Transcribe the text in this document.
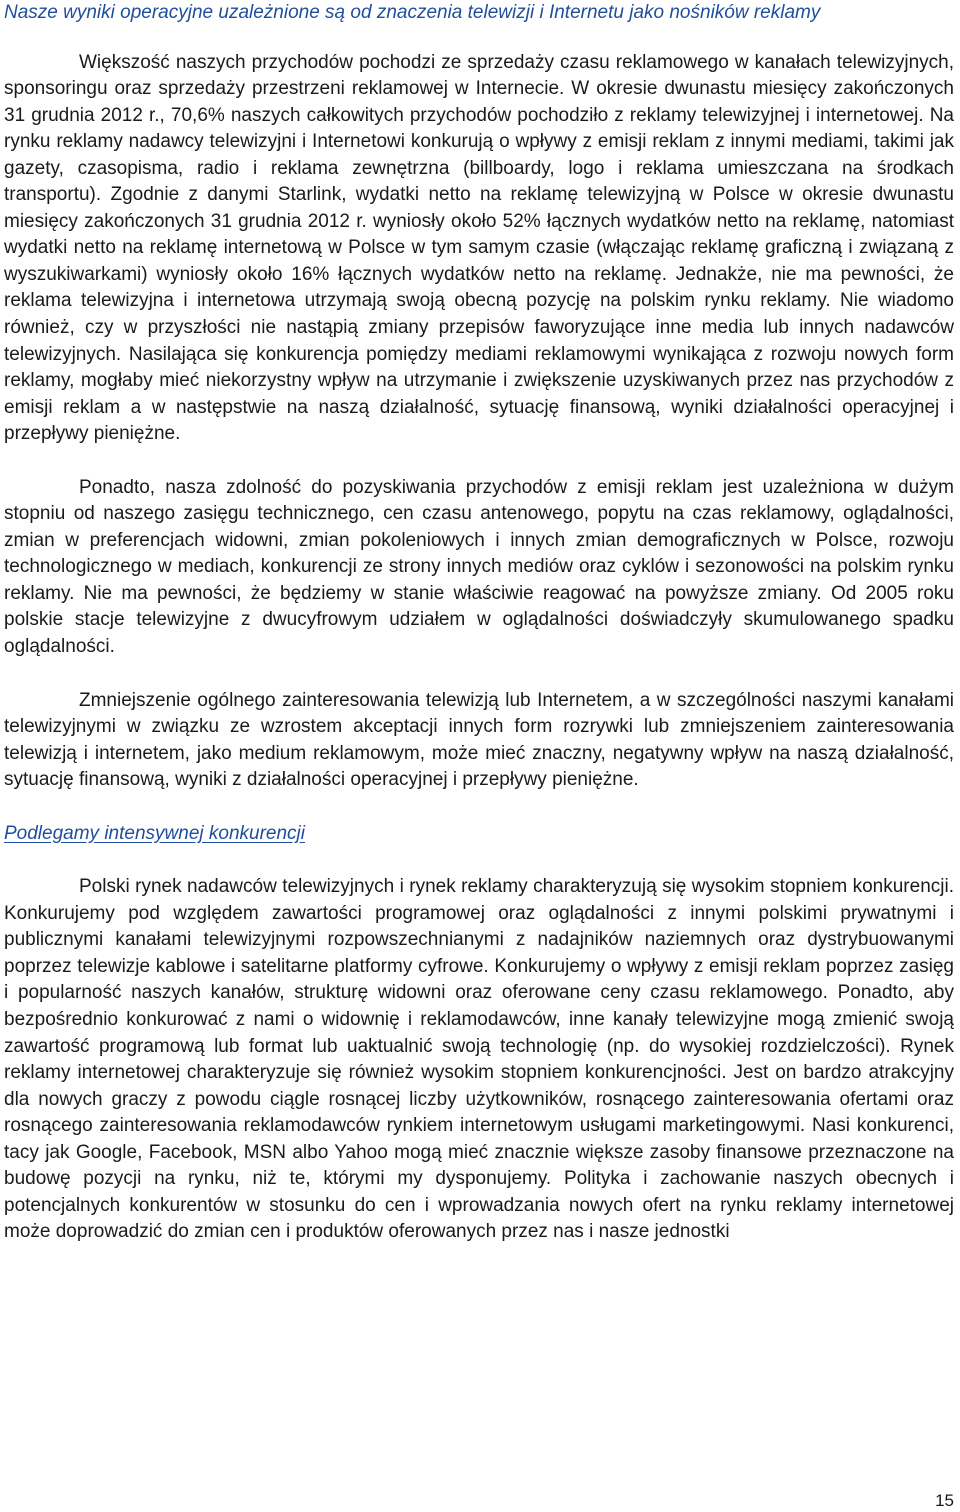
Nasze wyniki operacyjne uzależnione są od znaczenia telewizji i Internetu jako nośników reklamy

Większość naszych przychodów pochodzi ze sprzedaży czasu reklamowego w kanałach telewizyjnych, sponsoringu oraz sprzedaży przestrzeni reklamowej w Internecie. W okresie dwunastu miesięcy zakończonych 31 grudnia 2012 r., 70,6% naszych całkowitych przychodów pochodziło z reklamy telewizyjnej i internetowej. Na rynku reklamy nadawcy telewizyjni i Internetowi konkurują o wpływy z emisji reklam z innymi mediami, takimi jak gazety, czasopisma, radio i reklama zewnętrzna (billboardy, logo i reklama umieszczana na środkach transportu). Zgodnie z danymi Starlink, wydatki netto na reklamę telewizyjną w Polsce w okresie dwunastu miesięcy zakończonych 31 grudnia 2012 r. wyniosły około 52% łącznych wydatków netto na reklamę, natomiast wydatki netto na reklamę internetową w Polsce w tym samym czasie (włączając reklamę graficzną i związaną z wyszukiwarkami) wyniosły około 16% łącznych wydatków netto na reklamę. Jednakże, nie ma pewności, że reklama telewizyjna i internetowa utrzymają swoją obecną pozycję na polskim rynku reklamy. Nie wiadomo również, czy w przyszłości nie nastąpią zmiany przepisów faworyzujące inne media lub innych nadawców telewizyjnych. Nasilająca się konkurencja pomiędzy mediami reklamowymi wynikająca z rozwoju nowych form reklamy, mogłaby mieć niekorzystny wpływ na utrzymanie i zwiększenie uzyskiwanych przez nas przychodów z emisji reklam a w następstwie na naszą działalność, sytuację finansową, wyniki działalności operacyjnej i przepływy pieniężne.

Ponadto, nasza zdolność do pozyskiwania przychodów z emisji reklam jest uzależniona w dużym stopniu od naszego zasięgu technicznego, cen czasu antenowego, popytu na czas reklamowy, oglądalności, zmian w preferencjach widowni, zmian pokoleniowych i innych zmian demograficznych w Polsce, rozwoju technologicznego w mediach, konkurencji ze strony innych mediów oraz cyklów i sezonowości na polskim rynku reklamy. Nie ma pewności, że będziemy w stanie właściwie reagować na powyższe zmiany. Od 2005 roku polskie stacje telewizyjne z dwucyfrowym udziałem w oglądalności doświadczyły skumulowanego spadku oglądalności.

Zmniejszenie ogólnego zainteresowania telewizją lub Internetem, a w szczególności naszymi kanałami telewizyjnymi w związku ze wzrostem akceptacji innych form rozrywki lub zmniejszeniem zainteresowania telewizją i internetem, jako medium reklamowym, może mieć znaczny, negatywny wpływ na naszą działalność, sytuację finansową, wyniki z działalności operacyjnej i przepływy pieniężne.

Podlegamy intensywnej konkurencji

Polski rynek nadawców telewizyjnych i rynek reklamy charakteryzują się wysokim stopniem konkurencji. Konkurujemy pod względem zawartości programowej oraz oglądalności z innymi polskimi prywatnymi i publicznymi kanałami telewizyjnymi rozpowszechnianymi z nadajników naziemnych oraz dystrybuowanymi poprzez telewizje kablowe i satelitarne platformy cyfrowe. Konkurujemy o wpływy z emisji reklam poprzez zasięg i popularność naszych kanałów, strukturę widowni oraz oferowane ceny czasu reklamowego. Ponadto, aby bezpośrednio konkurować z nami o widownię i reklamodawców, inne kanały telewizyjne mogą zmienić swoją zawartość programową lub format lub uaktualnić swoją technologię (np. do wysokiej rozdzielczości). Rynek reklamy internetowej charakteryzuje się również wysokim stopniem konkurencjności. Jest on bardzo atrakcyjny dla nowych graczy z powodu ciągle rosnącej liczby użytkowników, rosnącego zainteresowania ofertami oraz rosnącego zainteresowania reklamodawców rynkiem internetowym usługami marketingowymi. Nasi konkurenci, tacy jak Google, Facebook, MSN albo Yahoo mogą mieć znacznie większe zasoby finansowe przeznaczone na budowę pozycji na rynku, niż te, którymi my dysponujemy. Polityka i zachowanie naszych obecnych i potencjalnych konkurentów w stosunku do cen i wprowadzania nowych ofert na rynku reklamy internetowej może doprowadzić do zmian cen i produktów oferowanych przez nas i nasze jednostki

15
